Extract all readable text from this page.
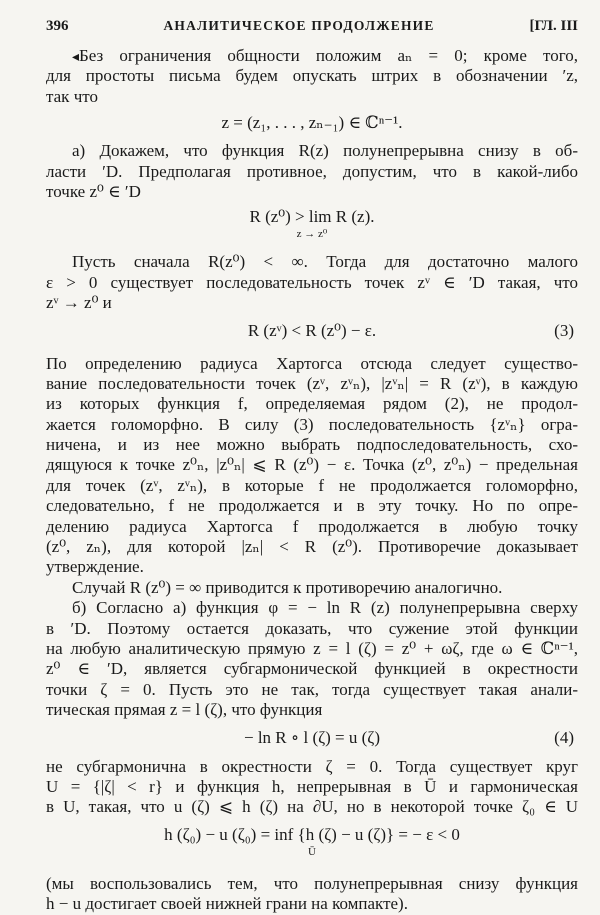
396	АНАЛИТИЧЕСКОЕ ПРОДОЛЖЕНИЕ	[ГЛ. III
◂Без ограничения общности положим aₙ = 0; кроме того,
для простоты письма будем опускать штрих в обозначении ′z,
так что
z = (z₁, . . . , zₙ₋₁) ∈ ℂⁿ⁻¹.
а) Докажем, что функция R(z) полунепрерывна снизу в об-
ласти ′D. Предполагая противное, допустим, что в какой-либо
точке z⁰ ∈ ′D
R (z⁰) > lim R (z).
z → z⁰
Пусть сначала R(z⁰) < ∞. Тогда для достаточно малого
ε > 0 существует последовательность точек zᵛ ∈ ′D такая, что
zᵛ → z⁰ и
R (zᵛ) < R (z⁰) − ε.	(3)
По определению радиуса Хартогса отсюда следует существо-
вание последовательности точек (zᵛ, zᵛₙ), |zᵛₙ| = R (zᵛ), в каждую
из которых функция f, определяемая рядом (2), не продол-
жается голоморфно. В силу (3) последовательность {zᵛₙ} огра-
ничена, и из нее можно выбрать подпоследовательность, схо-
дящуюся к точке z⁰ₙ, |z⁰ₙ| ⩽ R (z⁰) − ε. Точка (z⁰, z⁰ₙ) − предельная
для точек (zᵛ, zᵛₙ), в которые f не продолжается голоморфно,
следовательно, f не продолжается и в эту точку. Но по опре-
делению радиуса Хартогса f продолжается в любую точку
(z⁰, zₙ), для которой |zₙ| < R (z⁰). Противоречие доказывает
утверждение.
Случай R (z⁰) = ∞ приводится к противоречию аналогично.
б) Согласно а) функция φ = − ln R (z) полунепрерывна сверху
в ′D. Поэтому остается доказать, что сужение этой функции
на любую аналитическую прямую z = l (ζ) = z⁰ + ωζ, где ω ∈ ℂⁿ⁻¹,
z⁰ ∈ ′D, является субгармонической функцией в окрестности
точки ζ = 0. Пусть это не так, тогда существует такая анали-
тическая прямая z = l (ζ), что функция
− ln R ∘ l (ζ) = u (ζ)	(4)
не субгармонична в окрестности ζ = 0. Тогда существует круг
U = {|ζ| < r} и функция h, непрерывная в Ū и гармоническая
в U, такая, что u (ζ) ⩽ h (ζ) на ∂U, но в некоторой точке ζ₀ ∈ U
h (ζ₀) − u (ζ₀) = inf {h (ζ) − u (ζ)} = − ε < 0
Ū
(мы воспользовались тем, что полунепрерывная снизу функция
h − u достигает своей нижней грани на компакте).
